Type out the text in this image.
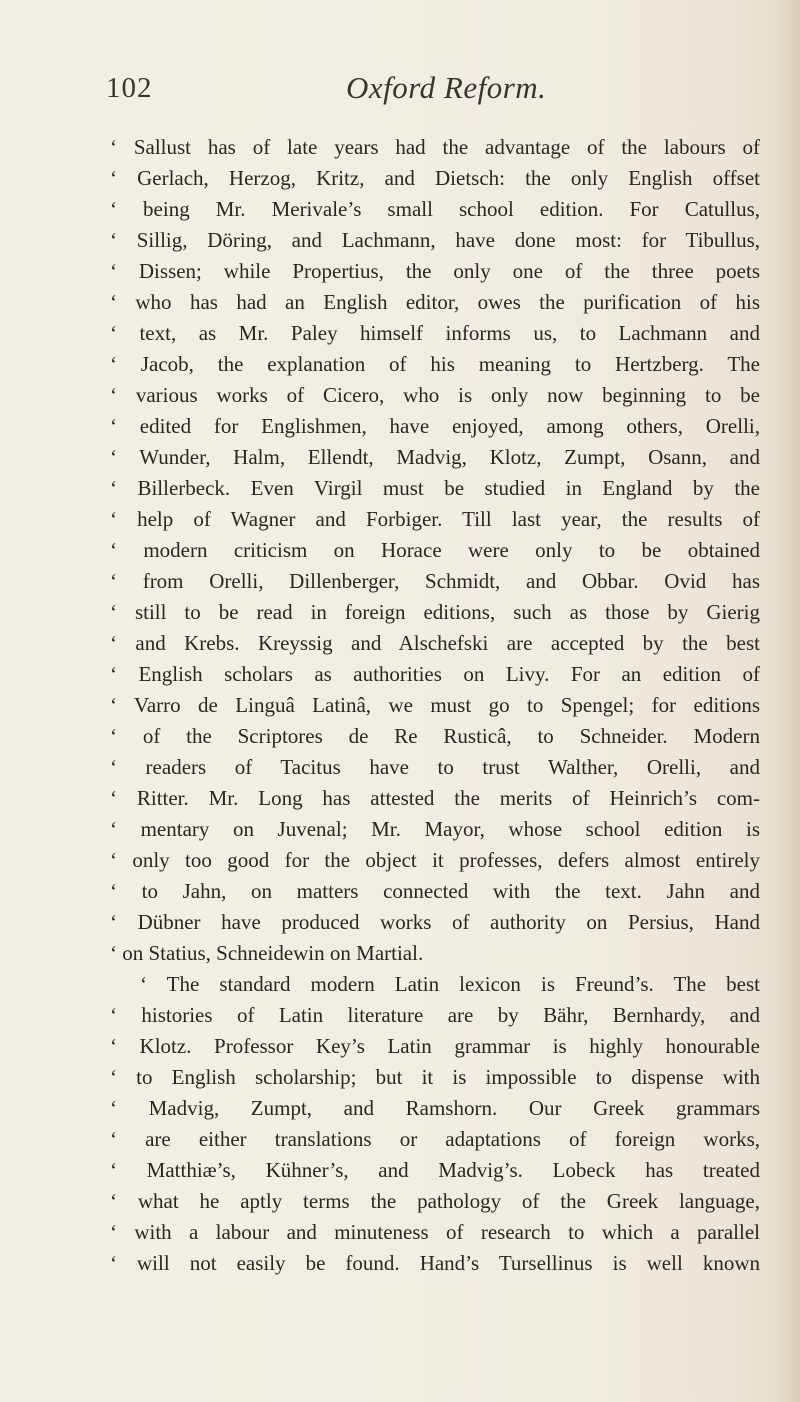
102	Oxford Reform.
‘ Sallust has of late years had the advantage of the labours of
‘ Gerlach, Herzog, Kritz, and Dietsch: the only English offset
‘ being Mr. Merivale’s small school edition. For Catullus,
‘ Sillig, Döring, and Lachmann, have done most: for Tibullus,
‘ Dissen; while Propertius, the only one of the three poets
‘ who has had an English editor, owes the purification of his
‘ text, as Mr. Paley himself informs us, to Lachmann and
‘ Jacob, the explanation of his meaning to Hertzberg. The
‘ various works of Cicero, who is only now beginning to be
‘ edited for Englishmen, have enjoyed, among others, Orelli,
‘ Wunder, Halm, Ellendt, Madvig, Klotz, Zumpt, Osann, and
‘ Billerbeck. Even Virgil must be studied in England by the
‘ help of Wagner and Forbiger. Till last year, the results of
‘ modern criticism on Horace were only to be obtained
‘ from Orelli, Dillenberger, Schmidt, and Obbar. Ovid has
‘ still to be read in foreign editions, such as those by Gierig
‘ and Krebs. Kreyssig and Alschefski are accepted by the best
‘ English scholars as authorities on Livy. For an edition of
‘ Varro de Linguâ Latinâ, we must go to Spengel; for editions
‘ of the Scriptores de Re Rusticâ, to Schneider. Modern
‘ readers of Tacitus have to trust Walther, Orelli, and
‘ Ritter. Mr. Long has attested the merits of Heinrich’s com-
‘ mentary on Juvenal; Mr. Mayor, whose school edition is
‘ only too good for the object it professes, defers almost entirely
‘ to Jahn, on matters connected with the text. Jahn and
‘ Dübner have produced works of authority on Persius, Hand
‘ on Statius, Schneidewin on Martial.
‘ The standard modern Latin lexicon is Freund’s. The best
‘ histories of Latin literature are by Bähr, Bernhardy, and
‘ Klotz. Professor Key’s Latin grammar is highly honourable
‘ to English scholarship; but it is impossible to dispense with
‘ Madvig, Zumpt, and Ramshorn. Our Greek grammars
‘ are either translations or adaptations of foreign works,
‘ Matthiæ’s, Kühner’s, and Madvig’s. Lobeck has treated
‘ what he aptly terms the pathology of the Greek language,
‘ with a labour and minuteness of research to which a parallel
‘ will not easily be found. Hand’s Tursellinus is well known
